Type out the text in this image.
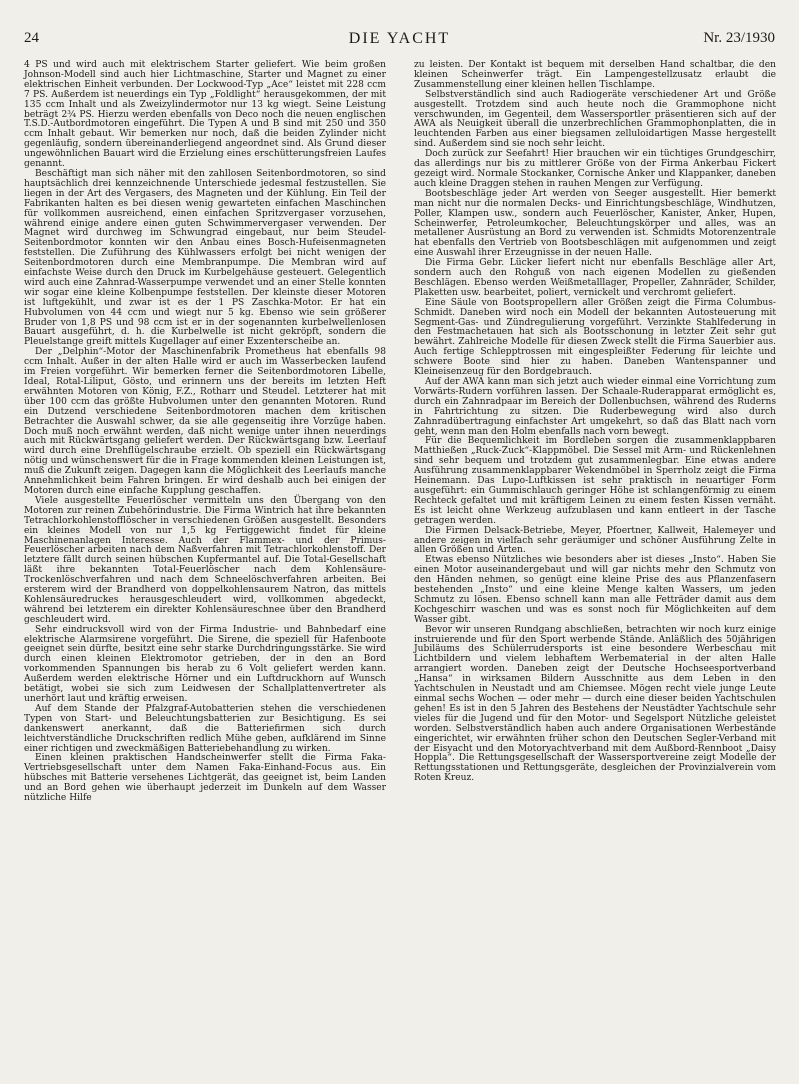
24	DIE YACHT	Nr. 23/1930

4 PS und wird auch mit elektrischem Starter geliefert. Wie beim großen Johnson-Modell sind auch hier Lichtmaschine, Starter und Magnet zu einer elektrischen Einheit verbunden. Der Lockwood-Typ „Ace“ leistet mit 228 ccm 7 PS. Außerdem ist neuerdings ein Typ „Foldlight“ herausgekommen, der mit 135 ccm Inhalt und als Zweizylindermotor nur 13 kg wiegt. Seine Leistung beträgt 2¾ PS. Hierzu werden ebenfalls von Deco noch die neuen englischen T.S.D.-Autbordmotoren eingeführt. Die Typen A und B sind mit 250 und 350 ccm Inhalt gebaut. Wir bemerken nur noch, daß die beiden Zylinder nicht gegenläufig, sondern übereinanderliegend angeordnet sind. Als Grund dieser ungewöhnlichen Bauart wird die Erzielung eines erschütterungsfreien Laufes genannt.

Beschäftigt man sich näher mit den zahllosen Seitenbordmotoren, so sind hauptsächlich drei kennzeichnende Unterschiede jedesmal festzustellen. Sie liegen in der Art des Vergasers, des Magneten und der Kühlung. Ein Teil der Fabrikanten halten es bei diesen wenig gewarteten einfachen Maschinchen für vollkommen ausreichend, einen einfachen Spritzvergaser vorzusehen, während einige andere einen guten Schwimmervergaser verwenden. Der Magnet wird durchweg im Schwungrad eingebaut, nur beim Steudel-Seitenbordmotor konnten wir den Anbau eines Bosch-Hufeisenmagneten feststellen. Die Zuführung des Kühlwassers erfolgt bei nicht wenigen der Seitenbordmotoren durch eine Membranpumpe. Die Membran wird auf einfachste Weise durch den Druck im Kurbelgehäuse gesteuert. Gelegentlich wird auch eine Zahnrad-Wasserpumpe verwendet und an einer Stelle konnten wir sogar eine kleine Kolbenpumpe feststellen. Der kleinste dieser Motoren ist luftgekühlt, und zwar ist es der 1 PS Zaschka-Motor. Er hat ein Hubvolumen von 44 ccm und wiegt nur 5 kg. Ebenso wie sein größerer Bruder von 1,8 PS und 98 ccm ist er in der sogenannten kurbelwellenlosen Bauart ausgeführt, d. h. die Kurbelwelle ist nicht gekröpft, sondern die Pleuelstange greift mittels Kugellager auf einer Exzenterscheibe an.

Der „Delphin“-Motor der Maschinenfabrik Prometheus hat ebenfalls 98 ccm Inhalt. Außer in der alten Halle wird er auch im Wasserbecken laufend im Freien vorgeführt. Wir bemerken ferner die Seitenbordmotoren Libelle, Ideal, Rotal-Liliput, Gösto, und erinnern uns der bereits im letzten Heft erwähnten Motoren von König, F.Z., Rotharr und Steudel. Letzterer hat mit über 100 ccm das größte Hubvolumen unter den genannten Motoren. Rund ein Dutzend verschiedene Seitenbordmotoren machen dem kritischen Betrachter die Auswahl schwer, da sie alle gegenseitig ihre Vorzüge haben. Doch muß noch erwähnt werden, daß nicht wenige unter ihnen neuerdings auch mit Rückwärtsgang geliefert werden. Der Rückwärtsgang bzw. Leerlauf wird durch eine Drehflügelschraube erzielt. Ob speziell ein Rückwärtsgang nötig und wünschenswert für die in Frage kommenden kleinen Leistungen ist, muß die Zukunft zeigen. Dagegen kann die Möglichkeit des Leerlaufs manche Annehmlichkeit beim Fahren bringen. Er wird deshalb auch bei einigen der Motoren durch eine einfache Kupplung geschaffen.

Viele ausgestellte Feuerlöscher vermitteln uns den Übergang von den Motoren zur reinen Zubehörindustrie. Die Firma Wintrich hat ihre bekannten Tetrachlorkohlenstofflöscher in verschiedenen Größen ausgestellt. Besonders ein kleines Modell von nur 1,5 kg Fertiggewicht findet für kleine Maschinenanlagen Interesse. Auch der Flammex- und der Primus-Feuerlöscher arbeiten nach dem Naßverfahren mit Tetrachlorkohlenstoff. Der letztere fällt durch seinen hübschen Kupfermantel auf. Die Total-Gesellschaft läßt ihre bekannten Total-Feuerlöscher nach dem Kohlensäure-Trockenlöschverfahren und nach dem Schneelöschverfahren arbeiten. Bei ersterem wird der Brandherd von doppelkohlensaurem Natron, das mittels Kohlensäuredruckes herausgeschleudert wird, vollkommen abgedeckt, während bei letzterem ein direkter Kohlensäureschnee über den Brandherd geschleudert wird.

Sehr eindrucksvoll wird von der Firma Industrie- und Bahnbedarf eine elektrische Alarmsirene vorgeführt. Die Sirene, die speziell für Hafenboote geeignet sein dürfte, besitzt eine sehr starke Durchdringungsstärke. Sie wird durch einen kleinen Elektromotor getrieben, der in den an Bord vorkommenden Spannungen bis herab zu 6 Volt geliefert werden kann. Außerdem werden elektrische Hörner und ein Luftdruckhorn auf Wunsch betätigt, wobei sie sich zum Leidwesen der Schallplattenvertreter als unerhört laut und kräftig erweisen.

Auf dem Stande der Pfalzgraf-Autobatterien stehen die verschiedenen Typen von Start- und Beleuchtungsbatterien zur Besichtigung. Es sei dankenswert anerkannt, daß die Batteriefirmen sich durch leichtverständliche Druckschriften redlich Mühe geben, aufklärend im Sinne einer richtigen und zweckmäßigen Batteriebehandlung zu wirken.

Einen kleinen praktischen Handscheinwerfer stellt die Firma Faka-Vertriebsgesellschaft unter dem Namen Faka-Einhand-Focus aus. Ein hübsches mit Batterie versehenes Lichtgerät, das geeignet ist, beim Landen und an Bord gehen wie überhaupt jederzeit im Dunkeln auf dem Wasser nützliche Hilfe

zu leisten. Der Kontakt ist bequem mit derselben Hand schaltbar, die den kleinen Scheinwerfer trägt. Ein Lampengestellzusatz erlaubt die Zusammenstellung einer kleinen hellen Tischlampe.

Selbstverständlich sind auch Radiogeräte verschiedener Art und Größe ausgestellt. Trotzdem sind auch heute noch die Grammophone nicht verschwunden, im Gegenteil, dem Wassersportler präsentieren sich auf der AWA als Neuigkeit überall die unzerbrechlichen Grammophonplatten, die in leuchtenden Farben aus einer biegsamen zelluloidartigen Masse hergestellt sind. Außerdem sind sie noch sehr leicht.

Doch zurück zur Seefahrt! Hier brauchen wir ein tüchtiges Grundgeschirr, das allerdings nur bis zu mittlerer Größe von der Firma Ankerbau Fickert gezeigt wird. Normale Stockanker, Cornische Anker und Klappanker, daneben auch kleine Draggen stehen in rauhen Mengen zur Verfügung.

Bootsbeschläge jeder Art werden von Seeger ausgestellt. Hier bemerkt man nicht nur die normalen Decks- und Einrichtungsbeschläge, Windhutzen, Poller, Klampen usw., sondern auch Feuerlöscher, Kanister, Anker, Hupen, Scheinwerfer, Petroleumkocher, Beleuchtungskörper und alles, was an metallener Ausrüstung an Bord zu verwenden ist. Schmidts Motorenzentrale hat ebenfalls den Vertrieb von Bootsbeschlägen mit aufgenommen und zeigt eine Auswahl ihrer Erzeugnisse in der neuen Halle.

Die Firma Gebr. Lücker liefert nicht nur ebenfalls Beschläge aller Art, sondern auch den Rohguß von nach eigenen Modellen zu gießenden Beschlägen. Ebenso werden Weißmetalllager, Propeller, Zahnräder, Schilder, Plaketten usw. bearbeitet, poliert, vernickelt und verchromt geliefert.

Eine Säule von Bootspropellern aller Größen zeigt die Firma Columbus-Schmidt. Daneben wird noch ein Modell der bekannten Autosteuerung mit Segment-Gas- und Zündregulierung vorgeführt. Verzinkte Stahlfederung in den Festmachetauen hat sich als Bootsschonung in letzter Zeit sehr gut bewährt. Zahlreiche Modelle für diesen Zweck stellt die Firma Sauerbier aus. Auch fertige Schlepptrossen mit eingespleißter Federung für leichte und schwere Boote sind hier zu haben. Daneben Wantenspanner und Kleineisenzeug für den Bordgebrauch.

Auf der AWA kann man sich jetzt auch wieder einmal eine Vorrichtung zum Vorwärts-Rudern vorführen lassen. Der Schaale-Ruderapparat ermöglicht es, durch ein Zahnradpaar im Bereich der Dollenbuchsen, während des Ruderns in Fahrtrichtung zu sitzen. Die Ruderbewegung wird also durch Zahnradübertragung einfachster Art umgekehrt, so daß das Blatt nach vorn geht, wenn man den Holm ebenfalls nach vorn bewegt.

Für die Bequemlichkeit im Bordleben sorgen die zusammenklappbaren Matthießen „Ruck-Zuck“-Klappmöbel. Die Sessel mit Arm- und Rückenlehnen sind sehr bequem und trotzdem gut zusammenlegbar. Eine etwas andere Ausführung zusammenklappbarer Wekendmöbel in Sperrholz zeigt die Firma Heinemann. Das Lupo-Luftkissen ist sehr praktisch in neuartiger Form ausgeführt: ein Gummischlauch geringer Höhe ist schlangenförmig zu einem Rechteck gefaltet und mit kräftigem Leinen zu einem festen Kissen vernäht. Es ist leicht ohne Werkzeug aufzublasen und kann entleert in der Tasche getragen werden.

Die Firmen Delsack-Betriebe, Meyer, Pfoertner, Kallweit, Halemeyer und andere zeigen in vielfach sehr geräumiger und schöner Ausführung Zelte in allen Größen und Arten.

Etwas ebenso Nützliches wie besonders aber ist dieses „Insto“. Haben Sie einen Motor auseinandergebaut und will gar nichts mehr den Schmutz von den Händen nehmen, so genügt eine kleine Prise des aus Pflanzenfasern bestehenden „Insto“ und eine kleine Menge kalten Wassers, um jeden Schmutz zu lösen. Ebenso schnell kann man alle Fetträder damit aus dem Kochgeschirr waschen und was es sonst noch für Möglichkeiten auf dem Wasser gibt.

Bevor wir unseren Rundgang abschließen, betrachten wir noch kurz einige instruierende und für den Sport werbende Stände. Anläßlich des 50jährigen Jubiläums des Schülerrudersports ist eine besondere Werbeschau mit Lichtbildern und vielem lebhaftem Werbematerial in der alten Halle arrangiert worden. Daneben zeigt der Deutsche Hochseesportverband „Hansa“ in wirksamen Bildern Ausschnitte aus dem Leben in den Yachtschulen in Neustadt und am Chiemsee. Mögen recht viele junge Leute einmal sechs Wochen — oder mehr — durch eine dieser beiden Yachtschulen gehen! Es ist in den 5 Jahren des Bestehens der Neustädter Yachtschule sehr vieles für die Jugend und für den Motor- und Segelsport Nützliche geleistet worden. Selbstverständlich haben auch andere Organisationen Werbestände eingerichtet, wir erwähnten früher schon den Deutschen Segler-Verband mit der Eisyacht und den Motoryachtverband mit dem Außbord-Rennboot „Daisy Hoppla“. Die Rettungsgesellschaft der Wassersportvereine zeigt Modelle der Rettungsstationen und Rettungsgeräte, desgleichen der Provinzialverein vom Roten Kreuz.
